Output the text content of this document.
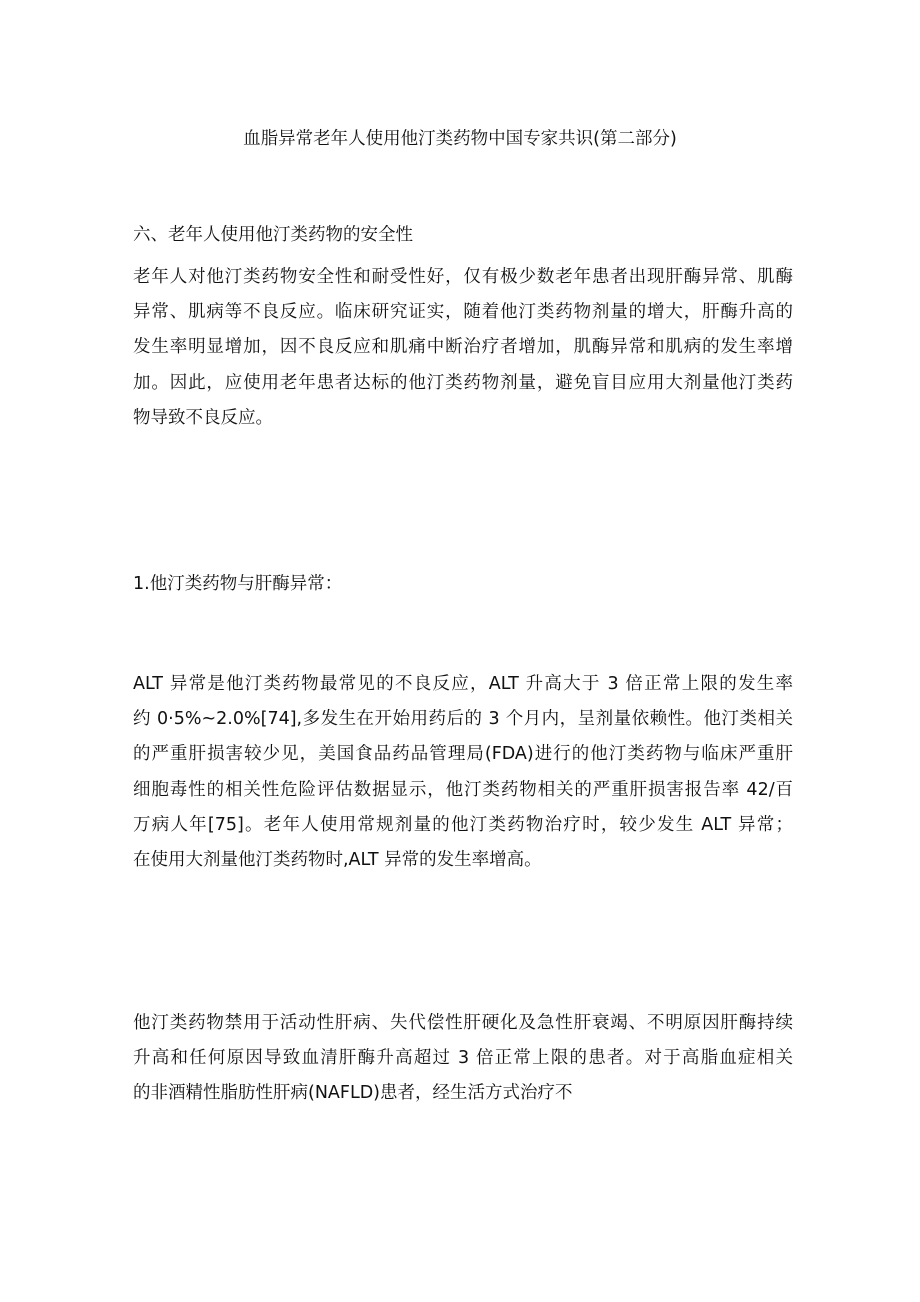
血脂异常老年人使用他汀类药物中国专家共识(第二部分)
六、老年人使用他汀类药物的安全性
老年人对他汀类药物安全性和耐受性好，仅有极少数老年患者出现肝酶异常、肌酶
异常、肌病等不良反应。临床研究证实，随着他汀类药物剂量的增大，肝酶升高的
发生率明显增加，因不良反应和肌痛中断治疗者增加，肌酶异常和肌病的发生率增
加。因此，应使用老年患者达标的他汀类药物剂量，避免盲目应用大剂量他汀类药
物导致不良反应。
1.他汀类药物与肝酶异常：
ALT 异常是他汀类药物最常见的不良反应，ALT 升高大于 3 倍正常上限的发生率
约 0·5%~2.0%[74],多发生在开始用药后的 3 个月内，呈剂量依赖性。他汀类相关
的严重肝损害较少见，美国食品药品管理局(FDA)进行的他汀类药物与临床严重肝
细胞毒性的相关性危险评估数据显示，他汀类药物相关的严重肝损害报告率 42/百
万病人年[75]。老年人使用常规剂量的他汀类药物治疗时，较少发生 ALT 异常；
在使用大剂量他汀类药物时,ALT 异常的发生率增高。
他汀类药物禁用于活动性肝病、失代偿性肝硬化及急性肝衰竭、不明原因肝酶持续
升高和任何原因导致血清肝酶升高超过 3 倍正常上限的患者。对于高脂血症相关
的非酒精性脂肪性肝病(NAFLD)患者，经生活方式治疗不
